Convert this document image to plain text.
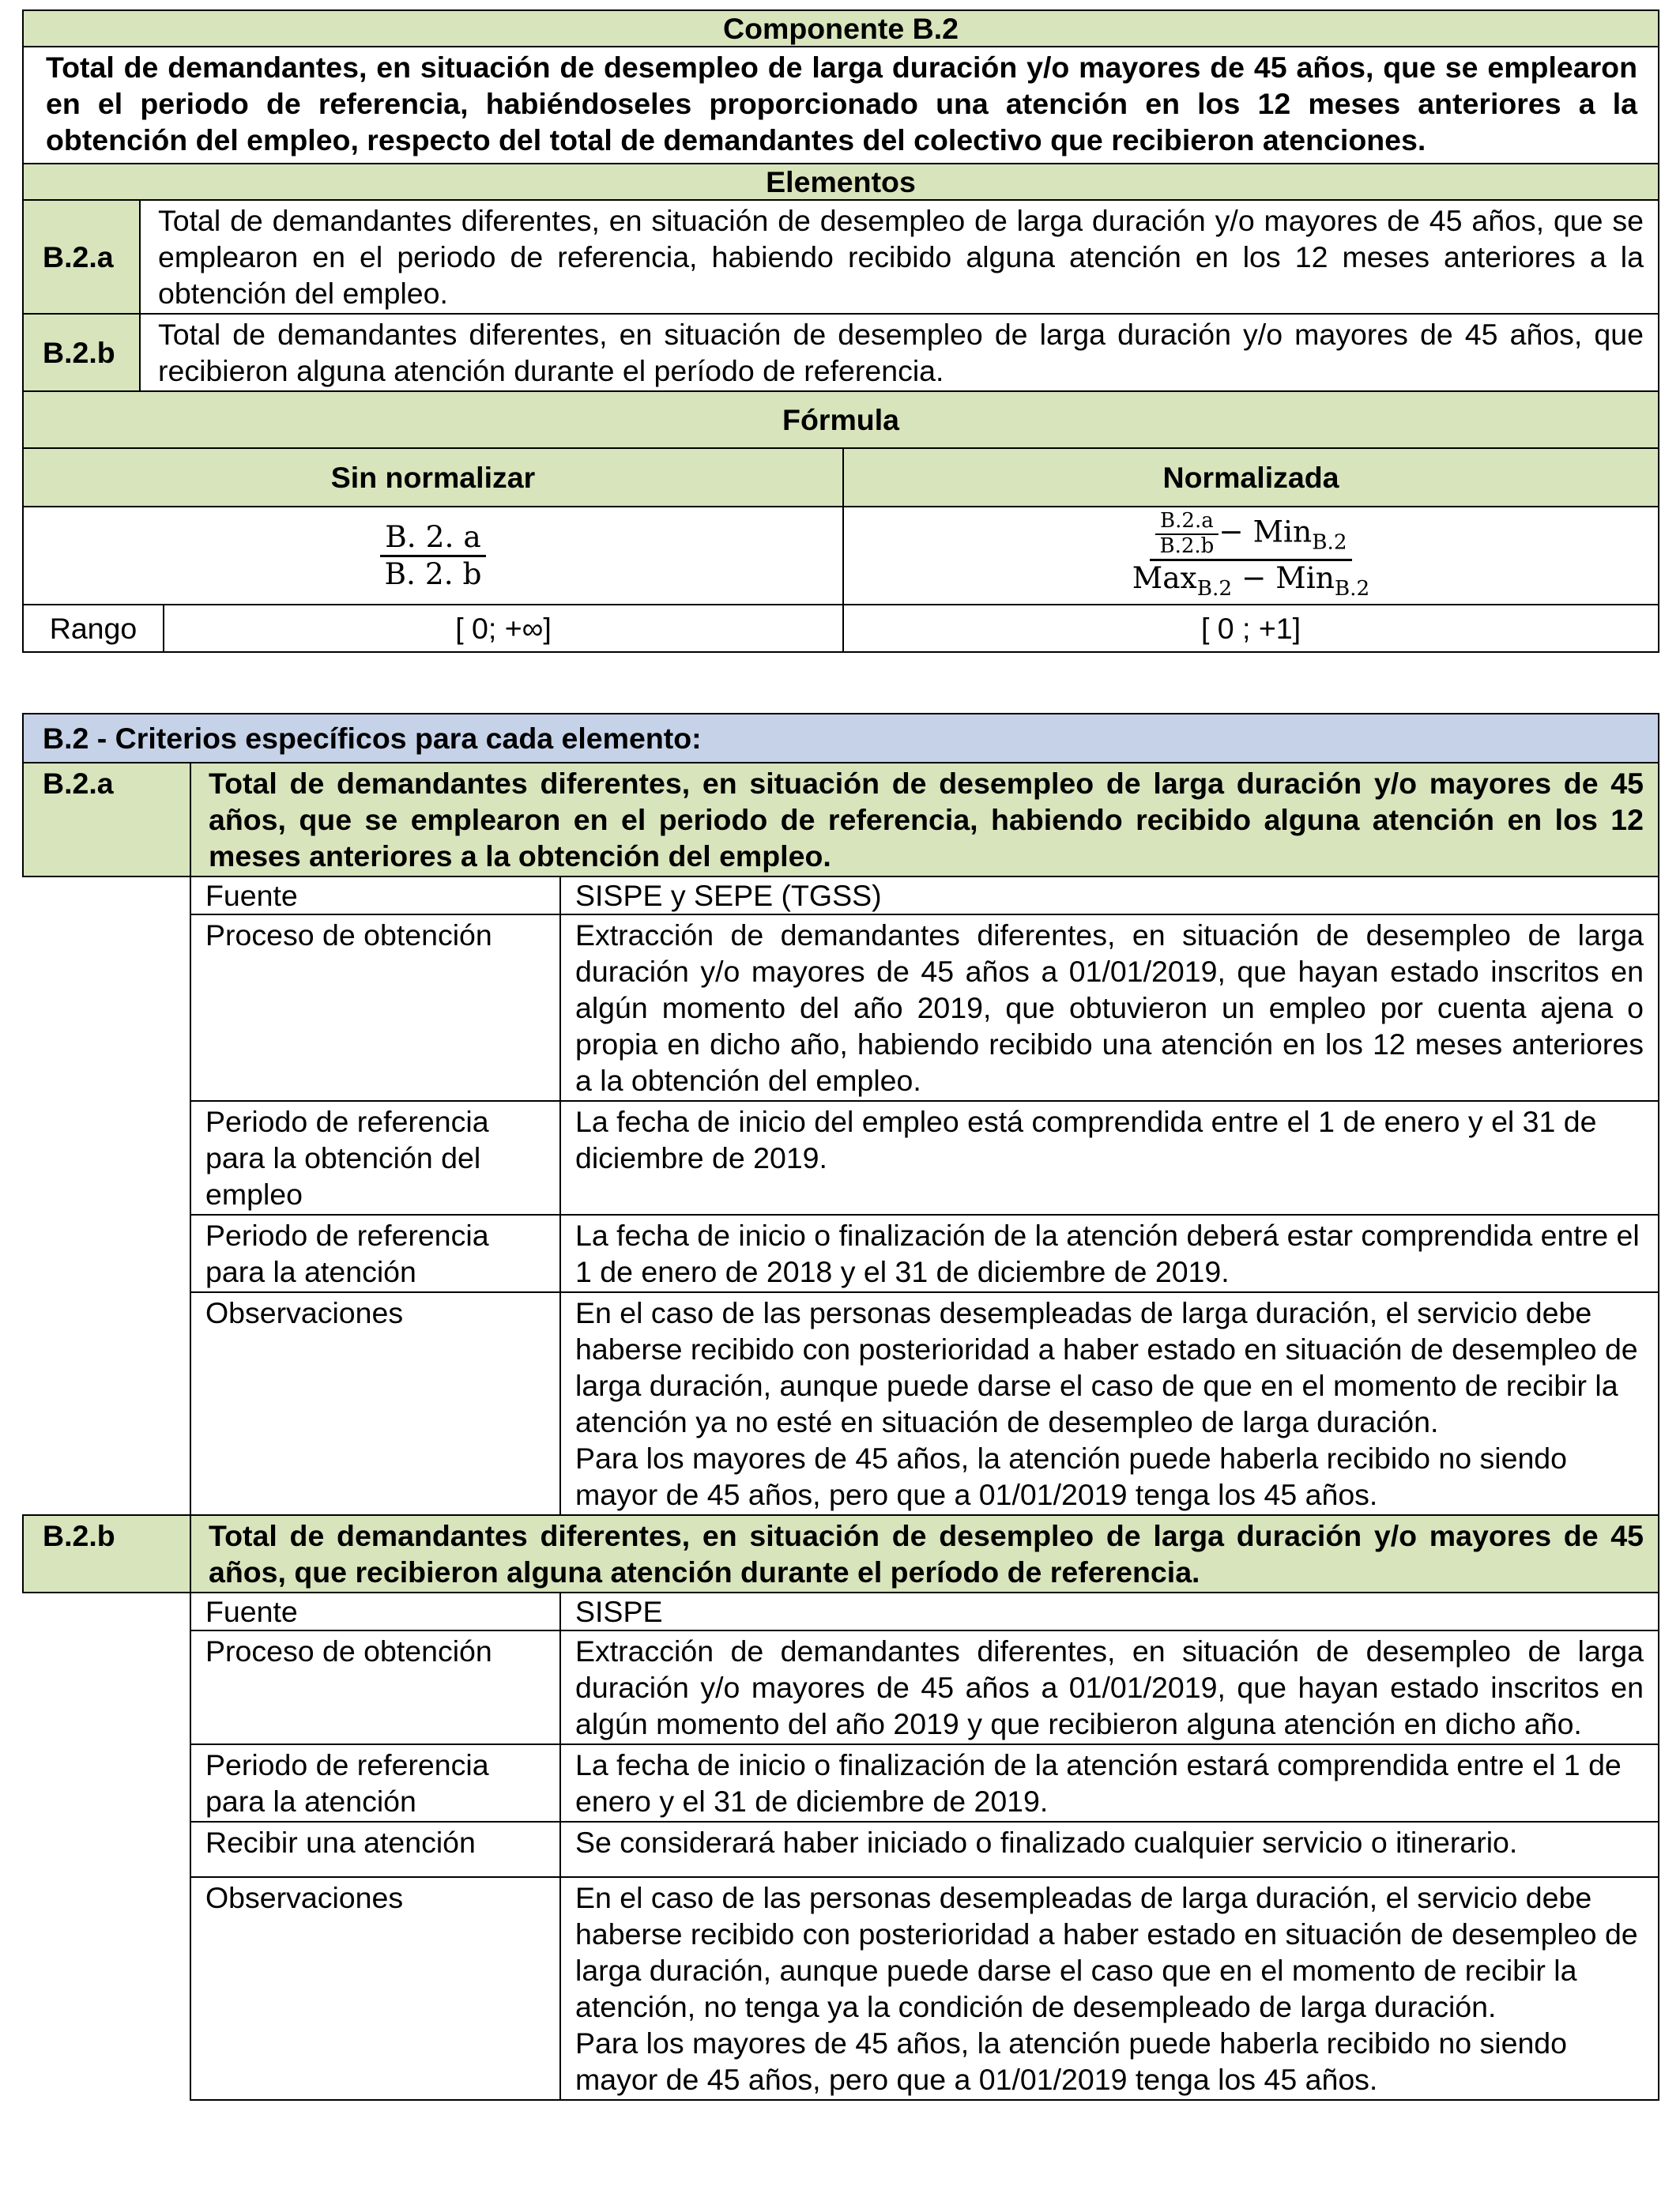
Componente B.2			
Total de demandantes, en situación de desempleo de larga duración y/o mayores de 45 años, que se emplearon en el periodo de referencia, habiéndoseles proporcionado una atención en los 12 meses anteriores a la obtención del empleo, respecto del total de demandantes del colectivo que recibieron atenciones.			
Elementos			
B.2.a	Total de demandantes diferentes, en situación de desempleo de larga duración y/o mayores de 45 años, que se emplearon en el periodo de referencia, habiendo recibido alguna atención en los 12 meses anteriores a la obtención del empleo.		
B.2.b	Total de demandantes diferentes, en situación de desempleo de larga duración y/o mayores de 45 años, que recibieron alguna atención durante el período de referencia.		
Fórmula			
Sin normalizar			Normalizada

$\frac{B. 2. a}{B. 2. b}$			$\frac{\frac{B.2.a}{B.2.b} - Min_{B.2}}{Max_{B.2} - Min_{B.2}}$

Rango		[ 0; +∞]	[ 0 ; +1]
B.2 - Criterios específicos para cada elemento:		
B.2.a	Total de demandantes diferentes, en situación de desempleo de larga duración y/o mayores de 45 años, que se emplearon en el periodo de referencia, habiendo recibido alguna atención en los 12 meses anteriores a la obtención del empleo.	
	Fuente	SISPE y SEPE (TGSS)
	Proceso de obtención	Extracción de demandantes diferentes, en situación de desempleo de larga duración y/o mayores de 45 años a 01/01/2019, que hayan estado inscritos en algún momento del año 2019, que obtuvieron un empleo por cuenta ajena o propia en dicho año, habiendo recibido una atención en los 12 meses anteriores a la obtención del empleo.
	Periodo de referencia para la obtención del empleo	La fecha de inicio del empleo está comprendida entre el 1 de enero y el 31 de diciembre de 2019.
	Periodo de referencia para la atención	La fecha de inicio o finalización de la atención deberá estar comprendida entre el 1 de enero de 2018 y el 31 de diciembre de 2019.
	Observaciones	En el caso de las personas desempleadas de larga duración, el servicio debe haberse recibido con posterioridad a haber estado en situación de desempleo de larga duración, aunque puede darse el caso de que en el momento de recibir la atención ya no esté en situación de desempleo de larga duración.
Para los mayores de 45 años, la atención puede haberla recibido no siendo mayor de 45 años, pero que a 01/01/2019 tenga los 45 años.

B.2.b	Total de demandantes diferentes, en situación de desempleo de larga duración y/o mayores de 45 años, que recibieron alguna atención durante el período de referencia.	
	Fuente	SISPE
	Proceso de obtención	Extracción de demandantes diferentes, en situación de desempleo de larga duración y/o mayores de 45 años a 01/01/2019, que hayan estado inscritos en algún momento del año 2019 y que recibieron alguna atención en dicho año.
	Periodo de referencia para la atención	La fecha de inicio o finalización de la atención estará comprendida entre el 1 de enero y el 31 de diciembre de 2019.
	Recibir una atención	Se considerará haber iniciado o finalizado cualquier servicio o itinerario.
	Observaciones	En el caso de las personas desempleadas de larga duración, el servicio debe haberse recibido con posterioridad a haber estado en situación de desempleo de larga duración, aunque puede darse el caso que en el momento de recibir la atención, no tenga ya la condición de desempleado de larga duración.
Para los mayores de 45 años, la atención puede haberla recibido no siendo mayor de 45 años, pero que a 01/01/2019 tenga los 45 años.
